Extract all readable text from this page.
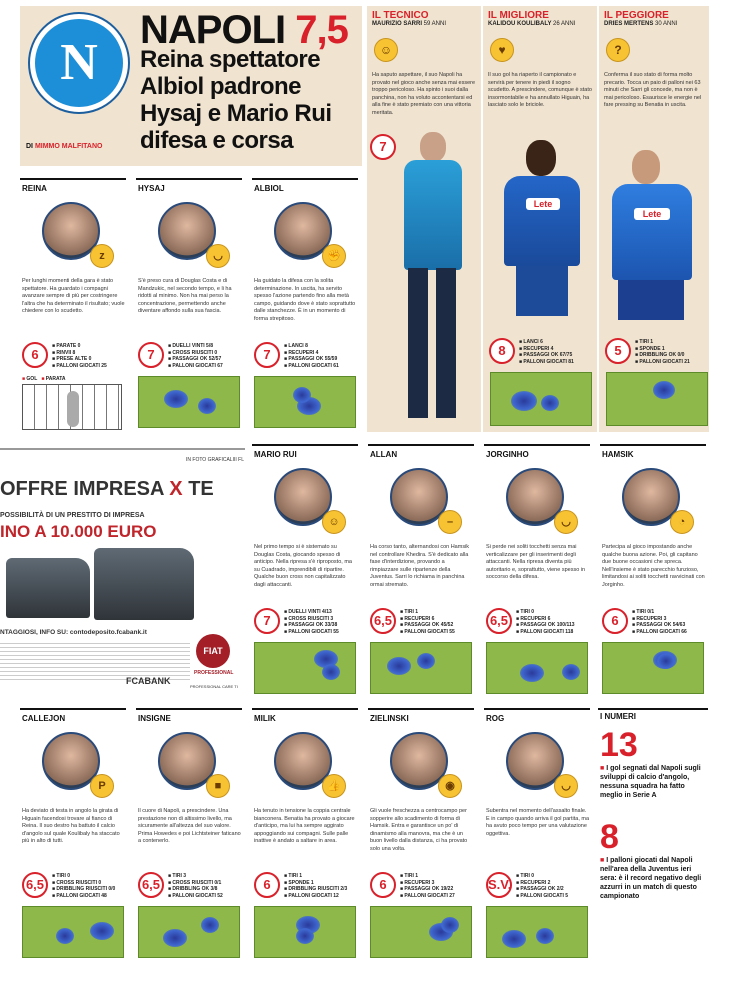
N
NAPOLI 7,5
Reina spettatore
Albiol padrone
Hysaj e Mario Rui
difesa e corsa
DI MIMMO MALFITANO
IL TECNICO
MAURIZIO SARRI 59 ANNI
☺
Ha saputo aspettare, il suo Napoli ha provato nel gioco anche senza mai essere troppo pericoloso. Ha spinto i suoi dalla panchina, non ha voluto accontentarsi ed alla fine è stato premiato con una vittoria meritata.
7
IL MIGLIORE
KALIDOU KOULIBALY 26 ANNI
♥
Il suo gol ha riaperto il campionato e servirà per tenere in piedi il sogno scudetto. A prescindere, comunque è stato insormontabile e ha annullato Higuain, ha lasciato solo le briciole.
IL PEGGIORE
DRIES MERTENS 30 ANNI
?
Conferma il suo stato di forma molto precario. Tocca un paio di palloni nei 63 minuti che Sarri gli concede, ma non è mai pericoloso. Esaurisce le energie nel fare pressing su Benatia in uscita.
Lete
Lete
8
■ LANCI 6
■ RECUPERI 4
■ PASSAGGI OK 67/75
■ PALLONI GIOCATI 81
5
■ TIRI 1
■ SPONDE 1
■ DRIBBLING OK 0/0
■ PALLONI GIOCATI 21
REINA
z
Per lunghi momenti della gara è stato spettatore. Ha guardato i compagni avanzare sempre di più per costringere l'altra che ha determinato il risultato; vuole chiedere con lo scudetto.
6
■ PARATE 0
■ RINVII 8
■ PRESE ALTE 0
■ PALLONI GIOCATI 25
■ GOL ■ PARATA
HYSAJ
◡
S'è preso cura di Douglas Costa e di Mandzukic, nel secondo tempo, e li ha ridotti al minimo. Non ha mai perso la concentrazione, permettendo anche diventare affondo sulla sua fascia.
7
■ DUELLI VINTI 5/8
■ CROSS RIUSCITI 0
■ PASSAGGI OK 52/57
■ PALLONI GIOCATI 67
ALBIOL
✊
Ha guidato la difesa con la solita determinazione. In uscita, ha servito spesso l'azione partendo fino alla metà campo, guidando dove è stato soprattutto dalle stanchezze. È in un momento di forma strepitoso.
7
■ LANCI 8
■ RECUPERI 4
■ PASSAGGI OK 55/59
■ PALLONI GIOCATI 61
MARIO RUI
☺
Nel primo tempo si è sistemato su Douglas Costa, giocando spesso di anticipo. Nella ripresa s'è riproposto, ma su Cuadrado, imprendibili di ripartire. Qualche buon cross non capitalizzato dagli attaccanti.
7
■ DUELLI VINTI 4/13
■ CROSS RIUSCITI 3
■ PASSAGGI OK 33/38
■ PALLONI GIOCATI 55
ALLAN
–
Ha corso tanto, alternandosi con Hamsik nel controllare Khedira. S'è dedicato alla fase d'interdizione, provando a rimpiazzare sulle ripartenze della Juventus. Sarri lo richiama in panchina ormai stremato.
6,5
■ TIRI 1
■ RECUPERI 6
■ PASSAGGI OK 45/52
■ PALLONI GIOCATI 55
JORGINHO
◡
Si perde nei soliti tocchetti senza mai verticalizzare per gli inserimenti degli attaccanti. Nella ripresa diventa più autoritario e, soprattutto, viene spesso in soccorso della difesa.
6,5
■ TIRI 0
■ RECUPERI 6
■ PASSAGGI OK 100/113
■ PALLONI GIOCATI 118
HAMSIK
◔
Partecipa al gioco impostando anche qualche buona azione. Poi, gli capitano due buone occasioni che spreca. Nell'insieme è stato parecchio funzioso, limitandosi ai soliti tocchetti ravvicinati con Jorginho.
6
■ TIRI 0/1
■ RECUPERI 3
■ PASSAGGI OK 54/63
■ PALLONI GIOCATI 66
CALLEJON
P
Ha deviato di testa in angolo la girata di Higuain facendosi trovare al fianco di Reina. Il suo destro ha battuto il calcio d'angolo sul quale Koulibaly ha staccato più in alto di tutti.
6,5
■ TIRI 0
■ CROSS RIUSCITI 0
■ DRIBBLING RIUSCITI 0/0
■ PALLONI GIOCATI 48
INSIGNE
■
Il cuore di Napoli, a prescindere. Una prestazione non di altissimo livello, ma sicuramente all'altezza del suo valore. Prima Howedes e poi Lichtsteiner faticano a contenerlo.
6,5
■ TIRI 3
■ CROSS RIUSCITI 0/1
■ DRIBBLING OK 3/8
■ PALLONI GIOCATI 52
MILIK
👍
Ha tenuto in tensione la coppia centrale bianconera. Benatia ha provato a giocare d'anticipo, ma lui ha sempre aggirato appoggiando sui compagni. Sulle palle inattive è andato a saltare in area.
6
■ TIRI 1
■ SPONDE 1
■ DRIBBLING RIUSCITI 2/3
■ PALLONI GIOCATI 12
ZIELINSKI
◉
Gli vuole freschezza a centrocampo per sopperire allo scadimento di forma di Hamsik. Entra e garantisce un po' di dinamismo alla manovra, ma che è un buon livello dalla distanza, ci ha provato solo una volta.
6
■ TIRI 1
■ RECUPERI 3
■ PASSAGGI OK 19/22
■ PALLONI GIOCATI 27
ROG
◡
Subentra nel momento dell'assalto finale. E in campo quando arriva il gol partita, ma ha avuto poco tempo per una valutazione oggettiva.
S.V.
■ TIRI 0
■ RECUPERI 2
■ PASSAGGI OK 2/2
■ PALLONI GIOCATI 5
OFFRE IMPRESA X TE
POSSIBILITÀ DI UN PRESTITO DI IMPRESA
INO A 10.000 EURO
NTAGGIOSI, INFO SU: contodeposito.fcabank.it
FIAT
PROFESSIONAL
FCABANK
PROFESSIONAL CARE TI
IN FOTO GRAFICALIII FL
I NUMERI
13
■ I gol segnati dal Napoli sugli sviluppi di calcio d'angolo, nessuna squadra ha fatto meglio in Serie A
8
■ I palloni giocati dal Napoli nell'area della Juventus ieri sera: è il record negativo degli azzurri in un match di questo campionato
